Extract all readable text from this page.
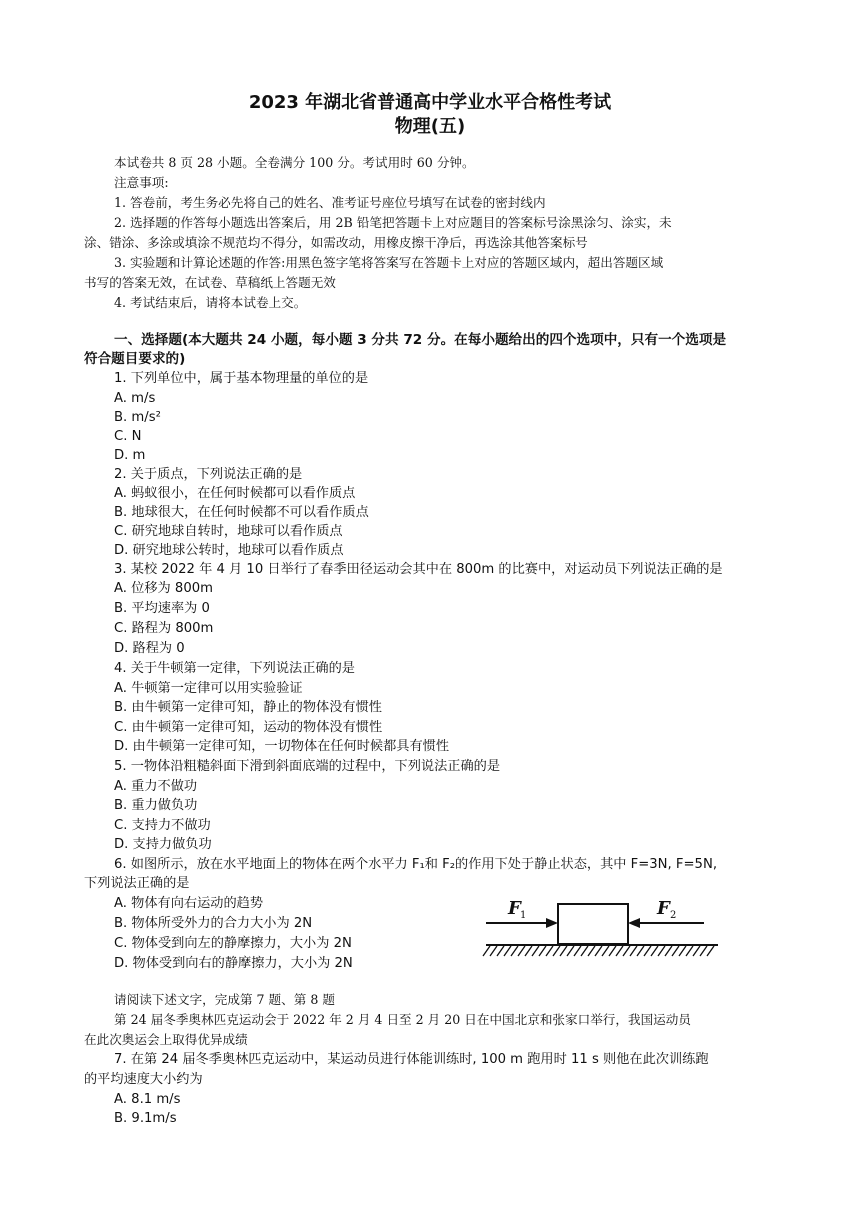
2023 年湖北省普通高中学业水平合格性考试
物理(五)
本试卷共 8 页 28 小题。全卷满分 100 分。考试用时 60 分钟。
注意事项:
1. 答卷前，考生务必先将自己的姓名、准考证号座位号填写在试卷的密封线内
2. 选择题的作答每小题选出答案后，用 2B 铅笔把答题卡上对应题目的答案标号涂黑涂匀、涂实，未
涂、错涂、多涂或填涂不规范均不得分，如需改动，用橡皮擦干净后，再选涂其他答案标号
3. 实验题和计算论述题的作答:用黑色签字笔将答案写在答题卡上对应的答题区域内，超出答题区域
书写的答案无效，在试卷、草稿纸上答题无效
4. 考试结束后，请将本试卷上交。
一、选择题(本大题共 24 小题，每小题 3 分共 72 分。在每小题给出的四个选项中，只有一个选项是
符合题目要求的)
1. 下列单位中，属于基本物理量的单位的是
A. m/s
B. m/s²
C. N
D. m
2. 关于质点，下列说法正确的是
A. 蚂蚁很小，在任何时候都可以看作质点
B. 地球很大，在任何时候都不可以看作质点
C. 研究地球自转时，地球可以看作质点
D. 研究地球公转时，地球可以看作质点
3. 某校 2022 年 4 月 10 日举行了春季田径运动会其中在 800m 的比赛中，对运动员下列说法正确的是
A. 位移为 800m
B. 平均速率为 0
C. 路程为 800m
D. 路程为 0
4. 关于牛顿第一定律，下列说法正确的是
A. 牛顿第一定律可以用实验验证
B. 由牛顿第一定律可知，静止的物体没有惯性
C. 由牛顿第一定律可知，运动的物体没有惯性
D. 由牛顿第一定律可知，一切物体在任何时候都具有惯性
5. 一物体沿粗糙斜面下滑到斜面底端的过程中，下列说法正确的是
A. 重力不做功
B. 重力做负功
C. 支持力不做功
D. 支持力做负功
6. 如图所示，放在水平地面上的物体在两个水平力 F₁和 F₂的作用下处于静止状态，其中 F=3N, F=5N,
下列说法正确的是
A. 物体有向右运动的趋势
B. 物体所受外力的合力大小为 2N
C. 物体受到向左的静摩擦力，大小为 2N
D. 物体受到向右的静摩擦力，大小为 2N
F 1	F 2
请阅读下述文字，完成第 7 题、第 8 题
第 24 届冬季奥林匹克运动会于 2022 年 2 月 4 日至 2 月 20 日在中国北京和张家口举行，我国运动员
在此次奥运会上取得优异成绩
7. 在第 24 届冬季奥林匹克运动中，某运动员进行体能训练时, 100 m 跑用时 11 s 则他在此次训练跑
的平均速度大小约为
A. 8.1 m/s
B. 9.1m/s
